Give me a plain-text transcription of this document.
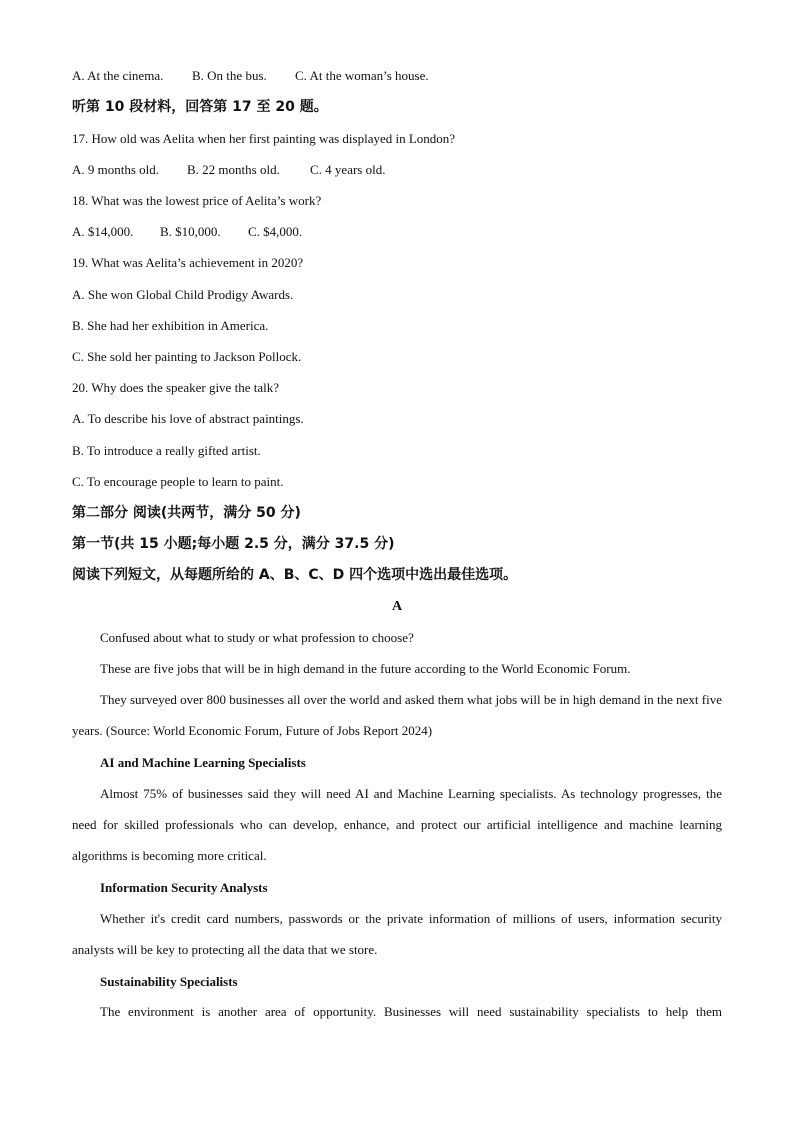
A. At the cinema. B. On the bus. C. At the woman’s house.
听第 10 段材料，回答第 17 至 20 题。
17. How old was Aelita when her first painting was displayed in London?
A. 9 months old. B. 22 months old. C. 4 years old.
18. What was the lowest price of Aelita’s work?
A. $14,000. B. $10,000. C. $4,000.
19. What was Aelita’s achievement in 2020?
A. She won Global Child Prodigy Awards.
B. She had her exhibition in America.
C. She sold her painting to Jackson Pollock.
20. Why does the speaker give the talk?
A. To describe his love of abstract paintings.
B. To introduce a really gifted artist.
C. To encourage people to learn to paint.
第二部分 阅读(共两节，满分 50 分)
第一节(共 15 小题;每小题 2.5 分，满分 37.5 分)
阅读下列短文，从每题所给的 A、B、C、D 四个选项中选出最佳选项。
A
Confused about what to study or what profession to choose?
These are five jobs that will be in high demand in the future according to the World Economic Forum.
They surveyed over 800 businesses all over the world and asked them what jobs will be in high demand in the next five years. (Source: World Economic Forum, Future of Jobs Report 2024)
AI and Machine Learning Specialists
Almost 75% of businesses said they will need AI and Machine Learning specialists. As technology progresses, the need for skilled professionals who can develop, enhance, and protect our artificial intelligence and machine learning algorithms is becoming more critical.
Information Security Analysts
Whether it's credit card numbers, passwords or the private information of millions of users, information security analysts will be key to protecting all the data that we store.
Sustainability Specialists
The environment is another area of opportunity. Businesses will need sustainability specialists to help them
